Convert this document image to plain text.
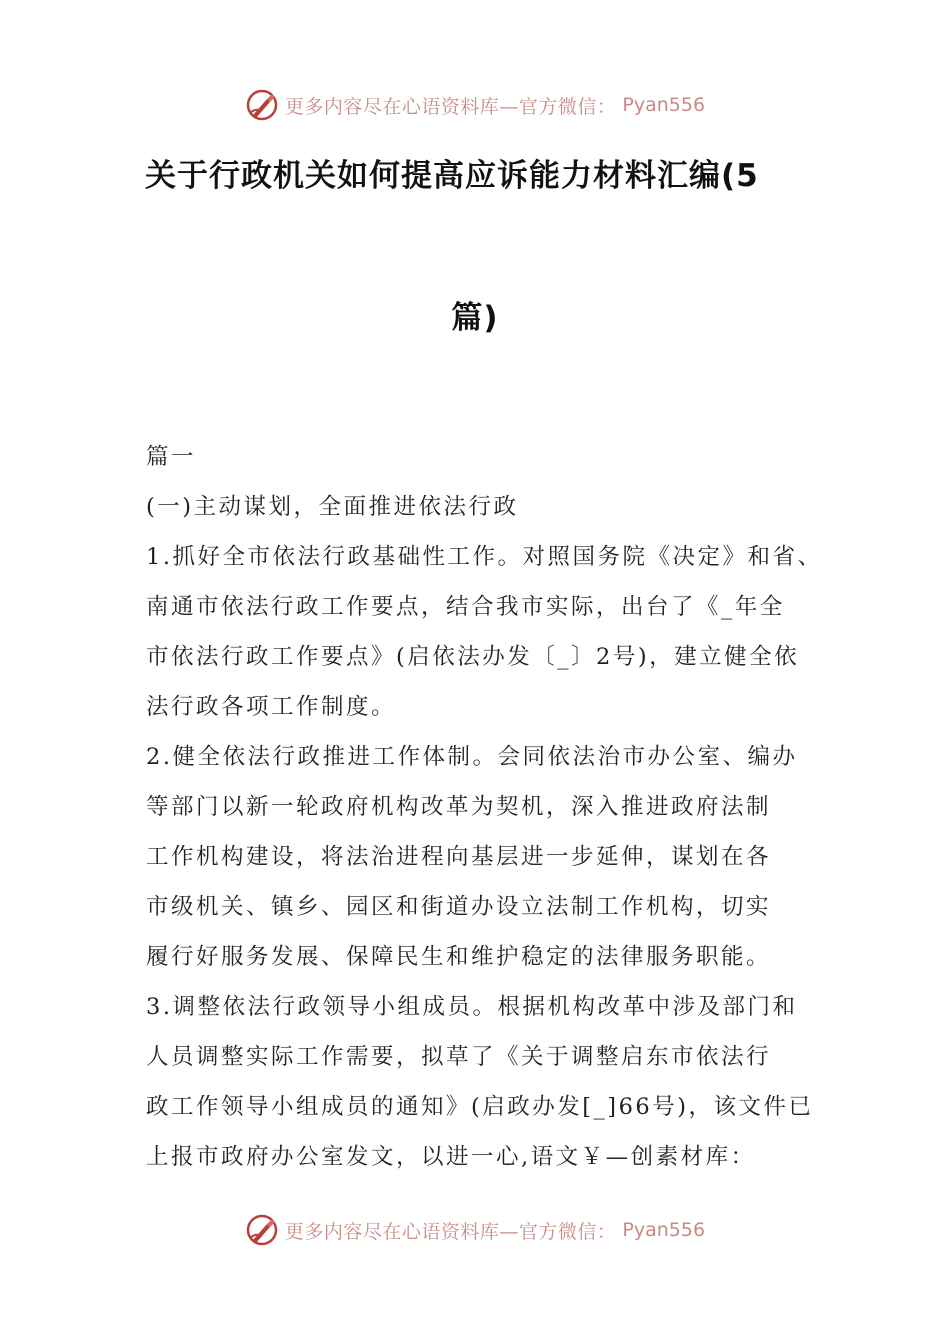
更多内容尽在心语资料库—官方微信： Pyan556
关于行政机关如何提高应诉能力材料汇编(5
篇)

篇一

(一)主动谋划，全面推进依法行政

1.抓好全市依法行政基础性工作。对照国务院《决定》和省、

南通市依法行政工作要点，结合我市实际，出台了《_年全

市依法行政工作要点》(启依法办发〔_〕2号)，建立健全依

法行政各项工作制度。

2.健全依法行政推进工作体制。会同依法治市办公室、编办

等部门以新一轮政府机构改革为契机，深入推进政府法制

工作机构建设，将法治进程向基层进一步延伸，谋划在各

市级机关、镇乡、园区和街道办设立法制工作机构，切实

履行好服务发展、保障民生和维护稳定的法律服务职能。

3.调整依法行政领导小组成员。根据机构改革中涉及部门和

人员调整实际工作需要，拟草了《关于调整启东市依法行

政工作领导小组成员的通知》(启政办发[_]66号)，该文件已

上报市政府办公室发文，以进一心,语文￥—创素材库：

更多内容尽在心语资料库—官方微信： Pyan556
